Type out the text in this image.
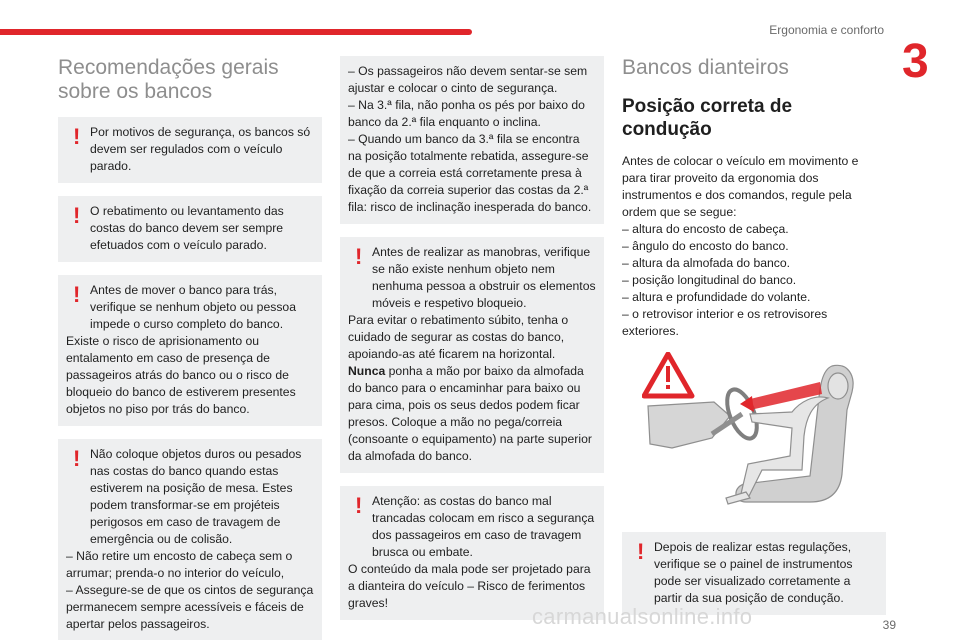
Ergonomia e conforto
3
Recomendações gerais
sobre os bancos
! Por motivos de segurança, os bancos só devem ser regulados com o veículo parado.

! O rebatimento ou levantamento das costas do banco devem ser sempre efetuados com o veículo parado.

! Antes de mover o banco para trás, verifique se nenhum objeto ou pessoa impede o curso completo do banco.

Existe o risco de aprisionamento ou entalamento em caso de presença de passageiros atrás do banco ou o risco de bloqueio do banco de estiverem presentes objetos no piso por trás do banco.

! Não coloque objetos duros ou pesados nas costas do banco quando estas estiverem na posição de mesa. Estes podem transformar-se em projéteis perigosos em caso de travagem de emergência ou de colisão.

– Não retire um encosto de cabeça sem o arrumar; prenda-o no interior do veículo,

– Assegure-se de que os cintos de segurança permanecem sempre acessíveis e fáceis de apertar pelos passageiros.

– Os passageiros não devem sentar-se sem ajustar e colocar o cinto de segurança.

– Na 3.ª fila, não ponha os pés por baixo do banco da 2.ª fila enquanto o inclina.

– Quando um banco da 3.ª fila se encontra na posição totalmente rebatida, assegure-se de que a correia está corretamente presa à fixação da correia superior das costas da 2.ª fila: risco de inclinação inesperada do banco.

! Antes de realizar as manobras, verifique se não existe nenhum objeto nem nenhuma pessoa a obstruir os elementos móveis e respetivo bloqueio.

Para evitar o rebatimento súbito, tenha o cuidado de segurar as costas do banco, apoiando-as até ficarem na horizontal.

Nunca ponha a mão por baixo da almofada do banco para o encaminhar para baixo ou para cima, pois os seus dedos podem ficar presos. Coloque a mão no pega/correia (consoante o equipamento) na parte superior da almofada do banco.

! Atenção: as costas do banco mal trancadas colocam em risco a segurança dos passageiros em caso de travagem brusca ou embate.

O conteúdo da mala pode ser projetado para a dianteira do veículo – Risco de ferimentos graves!

Bancos dianteiros
Posição correta de
condução

Antes de colocar o veículo em movimento e para tirar proveito da ergonomia dos instrumentos e dos comandos, regule pela ordem que se segue:

– altura do encosto de cabeça.

– ângulo do encosto do banco.

– altura da almofada do banco.

– posição longitudinal do banco.

– altura e profundidade do volante.

– o retrovisor interior e os retrovisores exteriores.

! Depois de realizar estas regulações, verifique se o painel de instrumentos pode ser visualizado corretamente a partir da sua posição de condução.

carmanualsonline.info	39
